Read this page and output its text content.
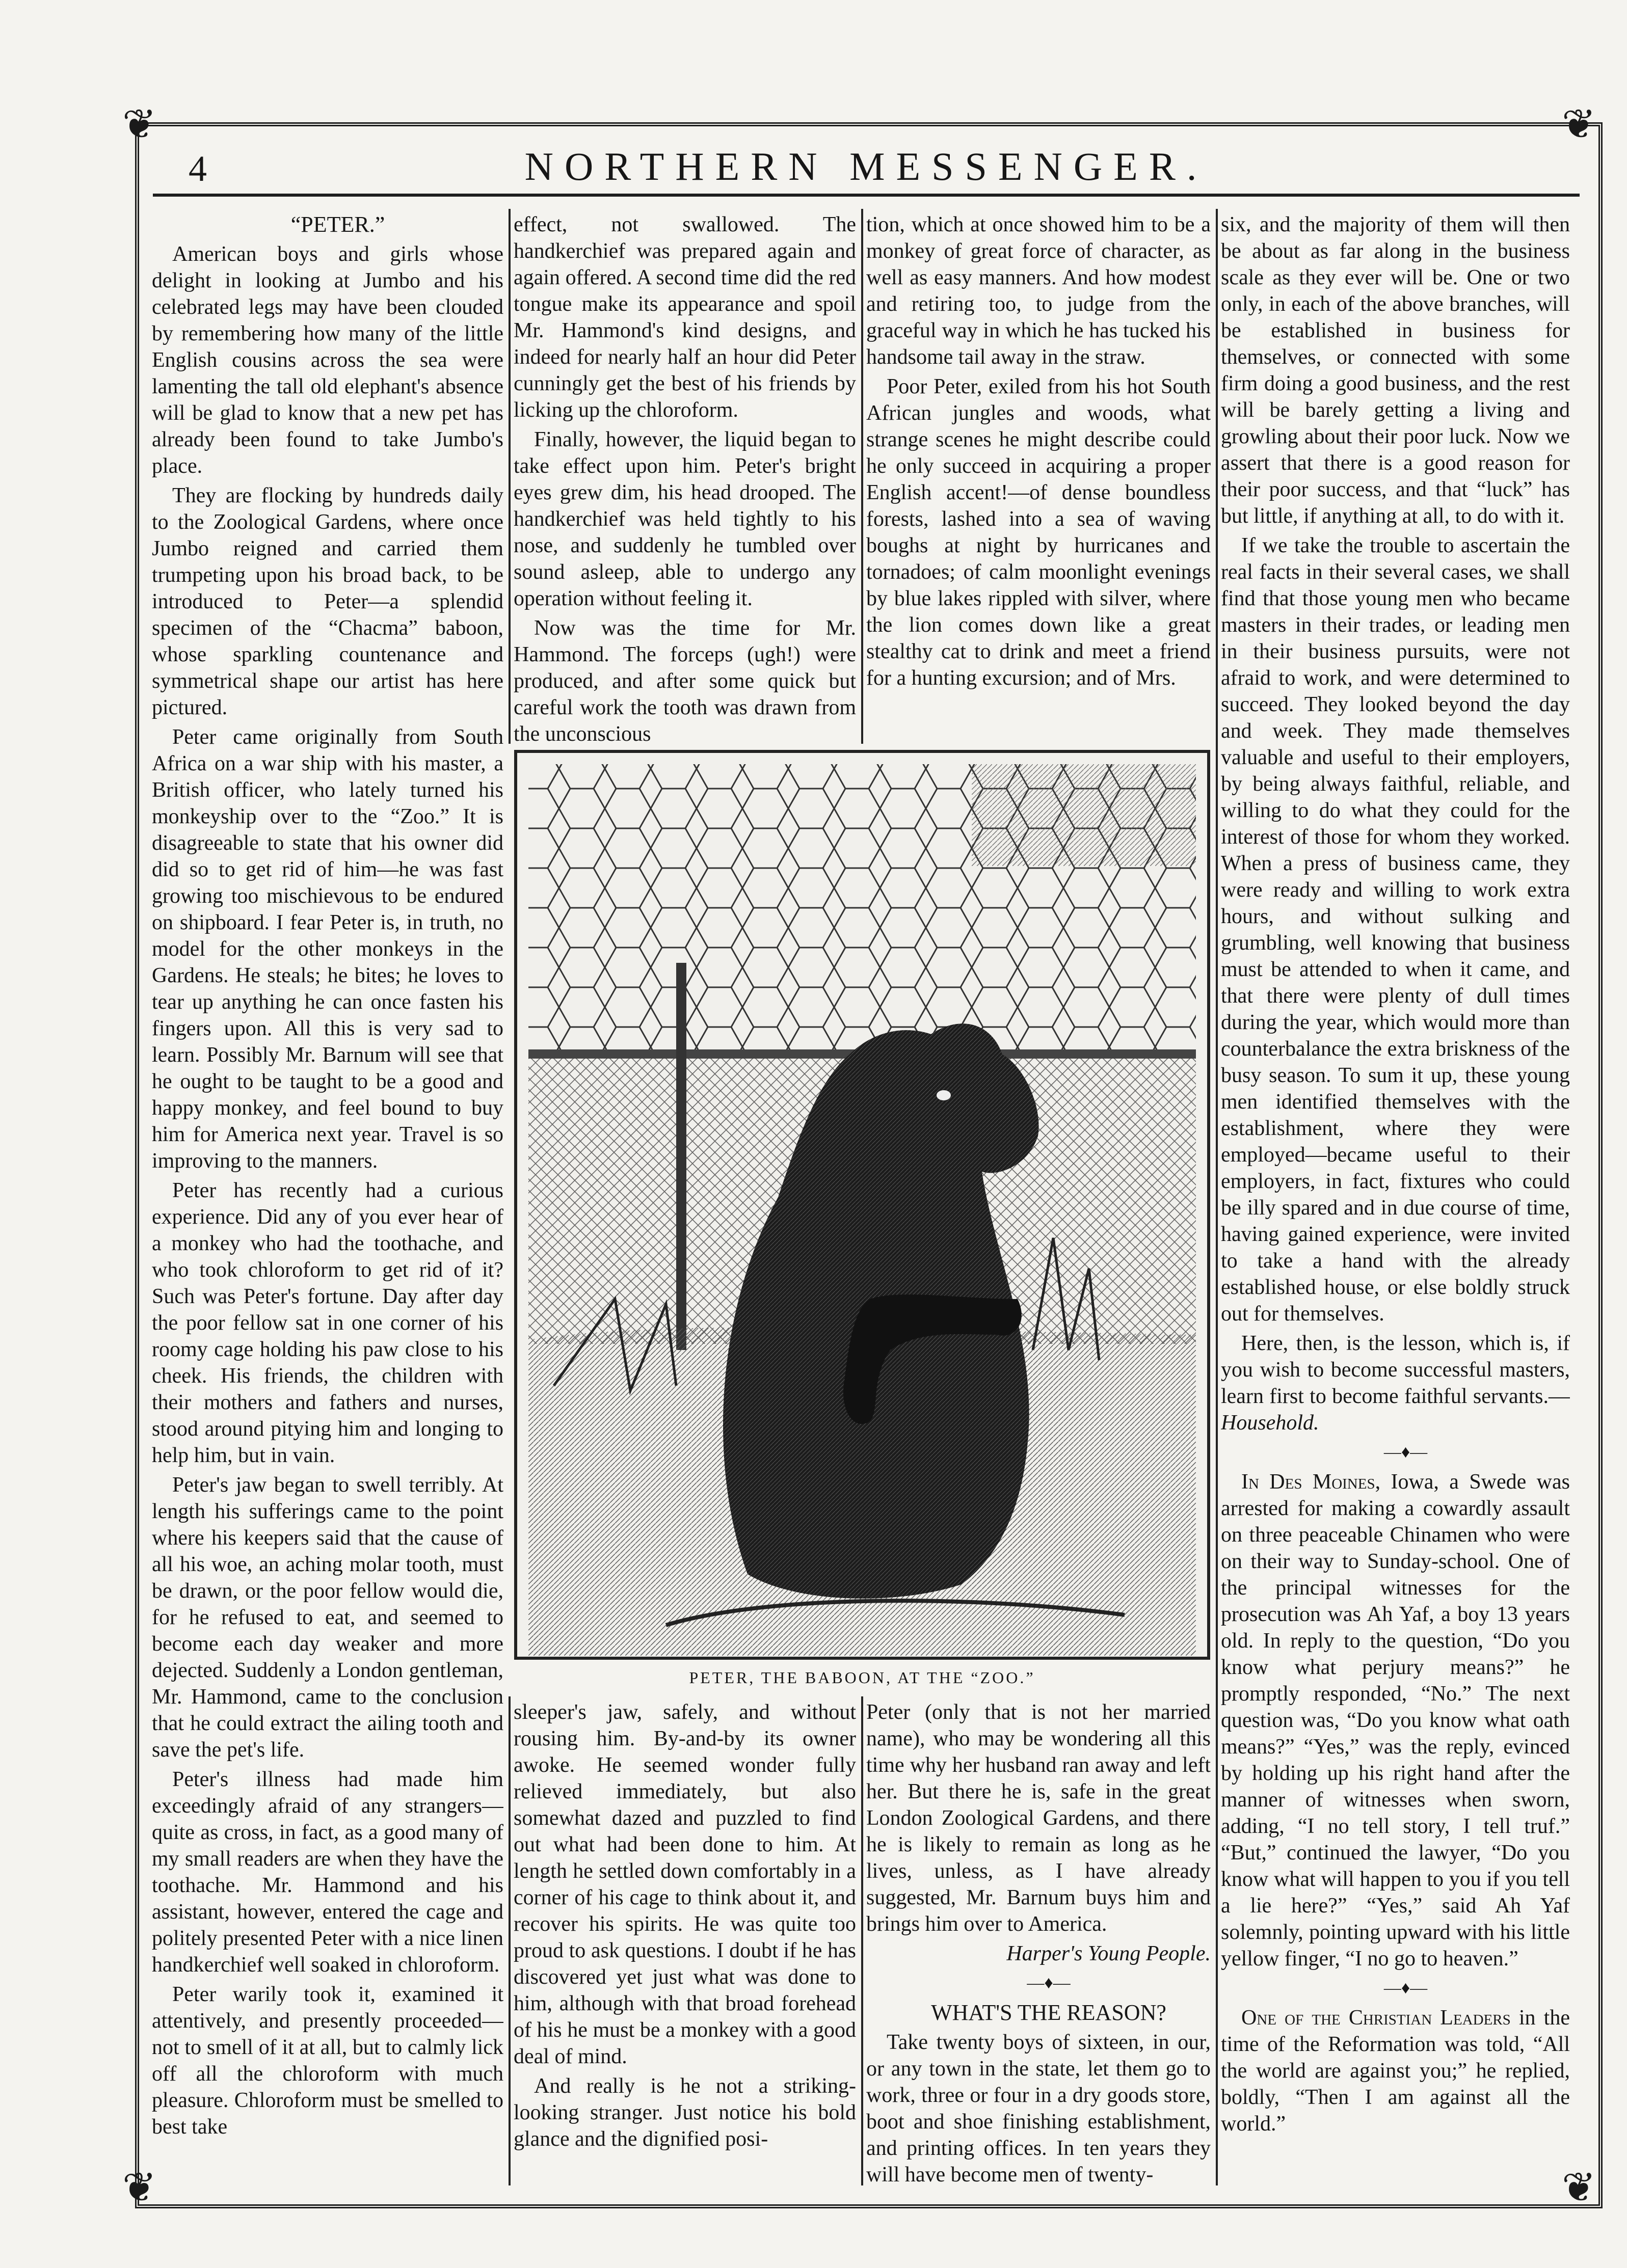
❦	❦
❦	❦
4	NORTHERN MESSENGER.

“PETER.”

American boys and girls whose delight in looking at Jumbo and his celebrated legs may have been clouded by remembering how many of the little English cousins across the sea were lamenting the tall old elephant's absence will be glad to know that a new pet has already been found to take Jumbo's place.

They are flocking by hundreds daily to the Zoological Gardens, where once Jumbo reigned and carried them trumpeting upon his broad back, to be introduced to Peter—a splendid specimen of the “Chacma” baboon, whose sparkling countenance and symmetrical shape our artist has here pictured.

Peter came originally from South Africa on a war ship with his master, a British officer, who lately turned his monkeyship over to the “Zoo.” It is disagreeable to state that his owner did did so to get rid of him—he was fast growing too mischievous to be endured on shipboard. I fear Peter is, in truth, no model for the other monkeys in the Gardens. He steals; he bites; he loves to tear up anything he can once fasten his fingers upon. All this is very sad to learn. Possibly Mr. Barnum will see that he ought to be taught to be a good and happy monkey, and feel bound to buy him for America next year. Travel is so improving to the manners.

Peter has recently had a curious experience. Did any of you ever hear of a monkey who had the toothache, and who took chloroform to get rid of it? Such was Peter's fortune. Day after day the poor fellow sat in one corner of his roomy cage holding his paw close to his cheek. His friends, the children with their mothers and fathers and nurses, stood around pitying him and longing to help him, but in vain.

Peter's jaw began to swell terribly. At length his sufferings came to the point where his keepers said that the cause of all his woe, an aching molar tooth, must be drawn, or the poor fellow would die, for he refused to eat, and seemed to become each day weaker and more dejected. Suddenly a London gentleman, Mr. Hammond, came to the conclusion that he could extract the ailing tooth and save the pet's life.

Peter's illness had made him exceedingly afraid of any strangers—quite as cross, in fact, as a good many of my small readers are when they have the toothache. Mr. Hammond and his assistant, however, entered the cage and politely presented Peter with a nice linen handkerchief well soaked in chloroform.

Peter warily took it, examined it attentively, and presently proceeded—not to smell of it at all, but to calmly lick off all the chloroform with much pleasure. Chloroform must be smelled to best take

effect, not swallowed. The handkerchief was prepared again and again offered. A second time did the red tongue make its appearance and spoil Mr. Hammond's kind designs, and indeed for nearly half an hour did Peter cunningly get the best of his friends by licking up the chloroform.

Finally, however, the liquid began to take effect upon him. Peter's bright eyes grew dim, his head drooped. The handkerchief was held tightly to his nose, and suddenly he tumbled over sound asleep, able to undergo any operation without feeling it.

Now was the time for Mr. Hammond. The forceps (ugh!) were produced, and after some quick but careful work the tooth was drawn from the unconscious

tion, which at once showed him to be a monkey of great force of character, as well as easy manners. And how modest and retiring too, to judge from the graceful way in which he has tucked his handsome tail away in the straw.

Poor Peter, exiled from his hot South African jungles and woods, what strange scenes he might describe could he only succeed in acquiring a proper English accent!—of dense boundless forests, lashed into a sea of waving boughs at night by hurricanes and tornadoes; of calm moonlight evenings by blue lakes rippled with silver, where the lion comes down like a great stealthy cat to drink and meet a friend for a hunting excursion; and of Mrs.

PETER, THE BABOON, AT THE “ZOO.”

sleeper's jaw, safely, and without rousing him. By-and-by its owner awoke. He seemed wonder fully relieved immediately, but also somewhat dazed and puzzled to find out what had been done to him. At length he settled down comfortably in a corner of his cage to think about it, and recover his spirits. He was quite too proud to ask questions. I doubt if he has discovered yet just what was done to him, although with that broad forehead of his he must be a monkey with a good deal of mind.

And really is he not a striking-looking stranger. Just notice his bold glance and the dignified posi-

Peter (only that is not her married name), who may be wondering all this time why her husband ran away and left her. But there he is, safe in the great London Zoological Gardens, and there he is likely to remain as long as he lives, unless, as I have already suggested, Mr. Barnum buys him and brings him over to America.

Harper's Young People.

—♦—

WHAT'S THE REASON?

Take twenty boys of sixteen, in our, or any town in the state, let them go to work, three or four in a dry goods store, boot and shoe finishing establishment, and printing offices. In ten years they will have become men of twenty-

six, and the majority of them will then be about as far along in the business scale as they ever will be. One or two only, in each of the above branches, will be established in business for themselves, or connected with some firm doing a good business, and the rest will be barely getting a living and growling about their poor luck. Now we assert that there is a good reason for their poor success, and that “luck” has but little, if anything at all, to do with it.

If we take the trouble to ascertain the real facts in their several cases, we shall find that those young men who became masters in their trades, or leading men in their business pursuits, were not afraid to work, and were determined to succeed. They looked beyond the day and week. They made themselves valuable and useful to their employers, by being always faithful, reliable, and willing to do what they could for the interest of those for whom they worked. When a press of business came, they were ready and willing to work extra hours, and without sulking and grumbling, well knowing that business must be attended to when it came, and that there were plenty of dull times during the year, which would more than counterbalance the extra briskness of the busy season. To sum it up, these young men identified themselves with the establishment, where they were employed—became useful to their employers, in fact, fixtures who could be illy spared and in due course of time, having gained experience, were invited to take a hand with the already established house, or else boldly struck out for themselves.

Here, then, is the lesson, which is, if you wish to become successful masters, learn first to become faithful servants.—Household.

—♦—

In Des Moines, Iowa, a Swede was arrested for making a cowardly assault on three peaceable Chinamen who were on their way to Sunday-school. One of the principal witnesses for the prosecution was Ah Yaf, a boy 13 years old. In reply to the question, “Do you know what perjury means?” he promptly responded, “No.” The next question was, “Do you know what oath means?” “Yes,” was the reply, evinced by holding up his right hand after the manner of witnesses when sworn, adding, “I no tell story, I tell truf.” “But,” continued the lawyer, “Do you know what will happen to you if you tell a lie here?” “Yes,” said Ah Yaf solemnly, pointing upward with his little yellow finger, “I no go to heaven.”

—♦—

One of the Christian Leaders in the time of the Reformation was told, “All the world are against you;” he replied, boldly, “Then I am against all the world.”
